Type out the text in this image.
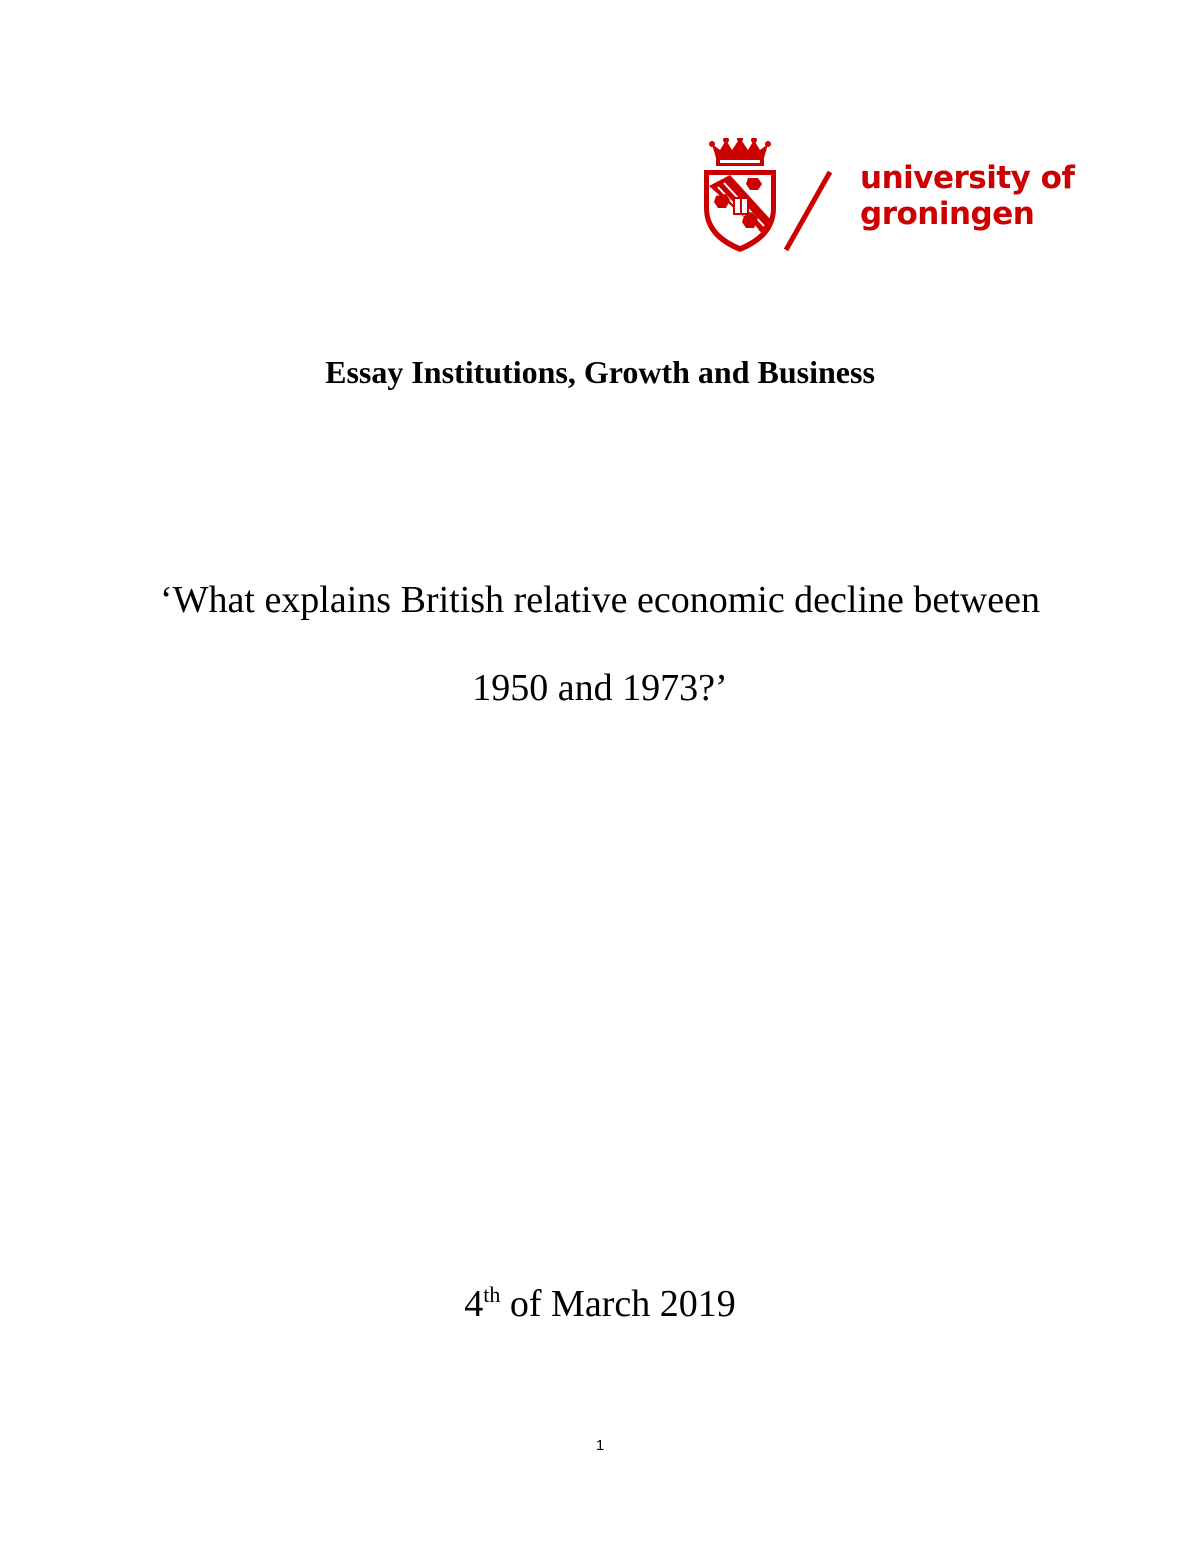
university of
groningen
Essay Institutions, Growth and Business
‘What explains British relative economic decline between
1950 and 1973?’

4th of March 2019

1
